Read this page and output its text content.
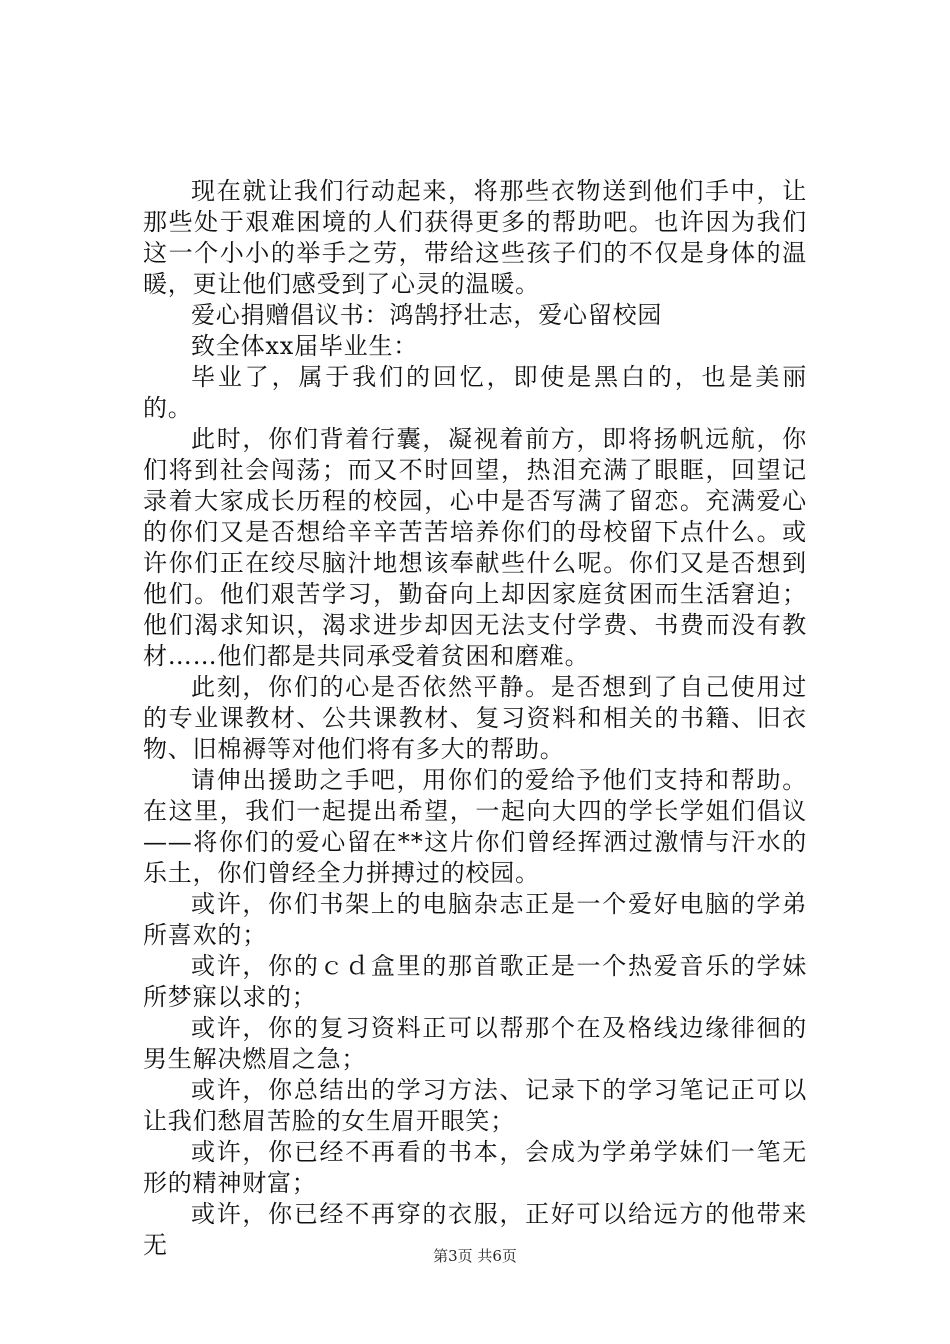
现在就让我们行动起来，将那些衣物送到他们手中，让那些处于艰难困境的人们获得更多的帮助吧。也许因为我们这一个小小的举手之劳，带给这些孩子们的不仅是身体的温暖，更让他们感受到了心灵的温暖。

爱心捐赠倡议书：鸿鹄抒壮志，爱心留校园

致全体xx届毕业生：

毕业了，属于我们的回忆，即使是黑白的，也是美丽的。

此时，你们背着行囊，凝视着前方，即将扬帆远航，你们将到社会闯荡；而又不时回望，热泪充满了眼眶，回望记录着大家成长历程的校园，心中是否写满了留恋。充满爱心的你们又是否想给辛辛苦苦培养你们的母校留下点什么。或许你们正在绞尽脑汁地想该奉献些什么呢。你们又是否想到他们。他们艰苦学习，勤奋向上却因家庭贫困而生活窘迫；他们渴求知识，渴求进步却因无法支付学费、书费而没有教材……他们都是共同承受着贫困和磨难。

此刻，你们的心是否依然平静。是否想到了自己使用过的专业课教材、公共课教材、复习资料和相关的书籍、旧衣物、旧棉褥等对他们将有多大的帮助。

请伸出援助之手吧，用你们的爱给予他们支持和帮助。在这里，我们一起提出希望，一起向大四的学长学姐们倡议——将你们的爱心留在**这片你们曾经挥洒过激情与汗水的乐土，你们曾经全力拼搏过的校园。

或许，你们书架上的电脑杂志正是一个爱好电脑的学弟所喜欢的；

或许，你的ｃｄ盒里的那首歌正是一个热爱音乐的学妹所梦寐以求的；

或许，你的复习资料正可以帮那个在及格线边缘徘徊的男生解决燃眉之急；

或许，你总结出的学习方法、记录下的学习笔记正可以让我们愁眉苦脸的女生眉开眼笑；

或许，你已经不再看的书本，会成为学弟学妹们一笔无形的精神财富；

或许，你已经不再穿的衣服，正好可以给远方的他带来无	第3页 共6页
